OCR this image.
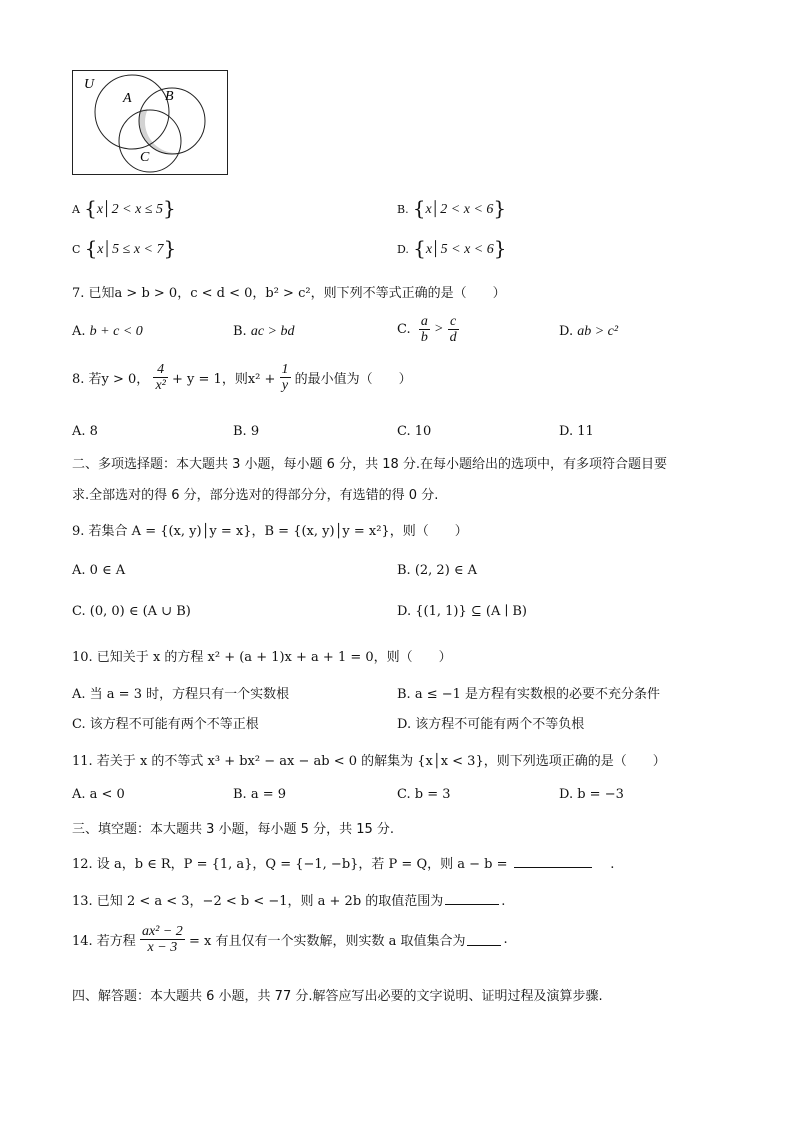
U
A B
C
A {x│2 < x ≤ 5}	B. {x│2 < x < 6}
C {x│5 ≤ x < 7}	D. {x│5 < x < 6}
7. 已知a > b > 0，c < d < 0，b² > c²，则下列不等式正确的是（　　）
A. b + c < 0	B. ac > bd	C. $\frac{a}{b} > \frac{c}{d}$	D. ab > c²
8. 若y > 0， $\frac{4}{\text{x²}} + y = 1$，则$x^2 + \frac{1}{y}$ 的最小值为（　　）
A. 8	B. 9	C. 10	D. 11
二、多项选择题：本大题共 3 小题，每小题 6 分，共 18 分.在每小题给出的选项中，有多项符合题目要
求.全部选对的得 6 分，部分选对的得部分分，有选错的得 0 分.
9. 若集合 A = {(x, y)│y = x}，B = {(x, y)│y = x²}，则（　　）
A. 0 ∈ A	B. (2, 2) ∈ A
C. (0, 0) ∈ (A ∪ B)	D. {(1, 1)} ⊆ (A ∣ B)
10. 已知关于 x 的方程 x² + (a + 1)x + a + 1 = 0，则（　　）
A. 当 a = 3 时，方程只有一个实数根	B. a ≤ −1 是方程有实数根的必要不充分条件
C. 该方程不可能有两个不等正根	D. 该方程不可能有两个不等负根
11. 若关于 x 的不等式 x³ + bx² − ax − ab < 0 的解集为 {x│x < 3}，则下列选项正确的是（　　）
A. a < 0	B. a = 9	C. b = 3	D. b = −3
三、填空题：本大题共 3 小题，每小题 5 分，共 15 分.
12. 设 a，b ∈ R，P = {1, a}，Q = {−1, −b}，若 P = Q，则 a − b =	.
13. 已知 2 < a < 3，−2 < b < −1，则 a + 2b 的取值范围为	.
14. 若方程 $\frac{\text{ax² − 2}}{x - 3} = x$ 有且仅有一个实数解，则实数 a 取值集合为	.
四、解答题：本大题共 6 小题，共 77 分.解答应写出必要的文字说明、证明过程及演算步骤.
